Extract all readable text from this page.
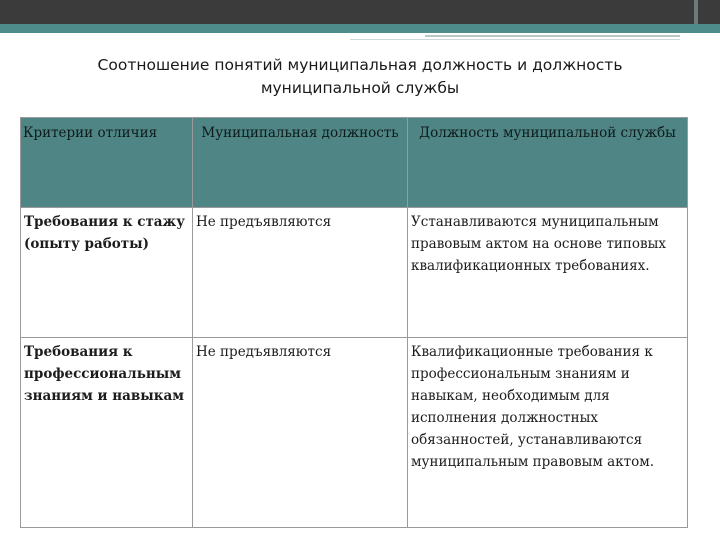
Соотношение понятий муниципальная должность и должность муниципальной службы
Критерии отличия	Муниципальная должность	Должность муниципальной службы
Требования к стажу (опыту работы)	Не предъявляются	Устанавливаются муниципальным правовым актом на основе типовых квалификационных требованиях.
Требования к профессиональным знаниям и навыкам	Не предъявляются	Квалификационные требования к профессиональным знаниям и навыкам, необходимым для исполнения должностных обязанностей, устанавливаются муниципальным правовым актом.
